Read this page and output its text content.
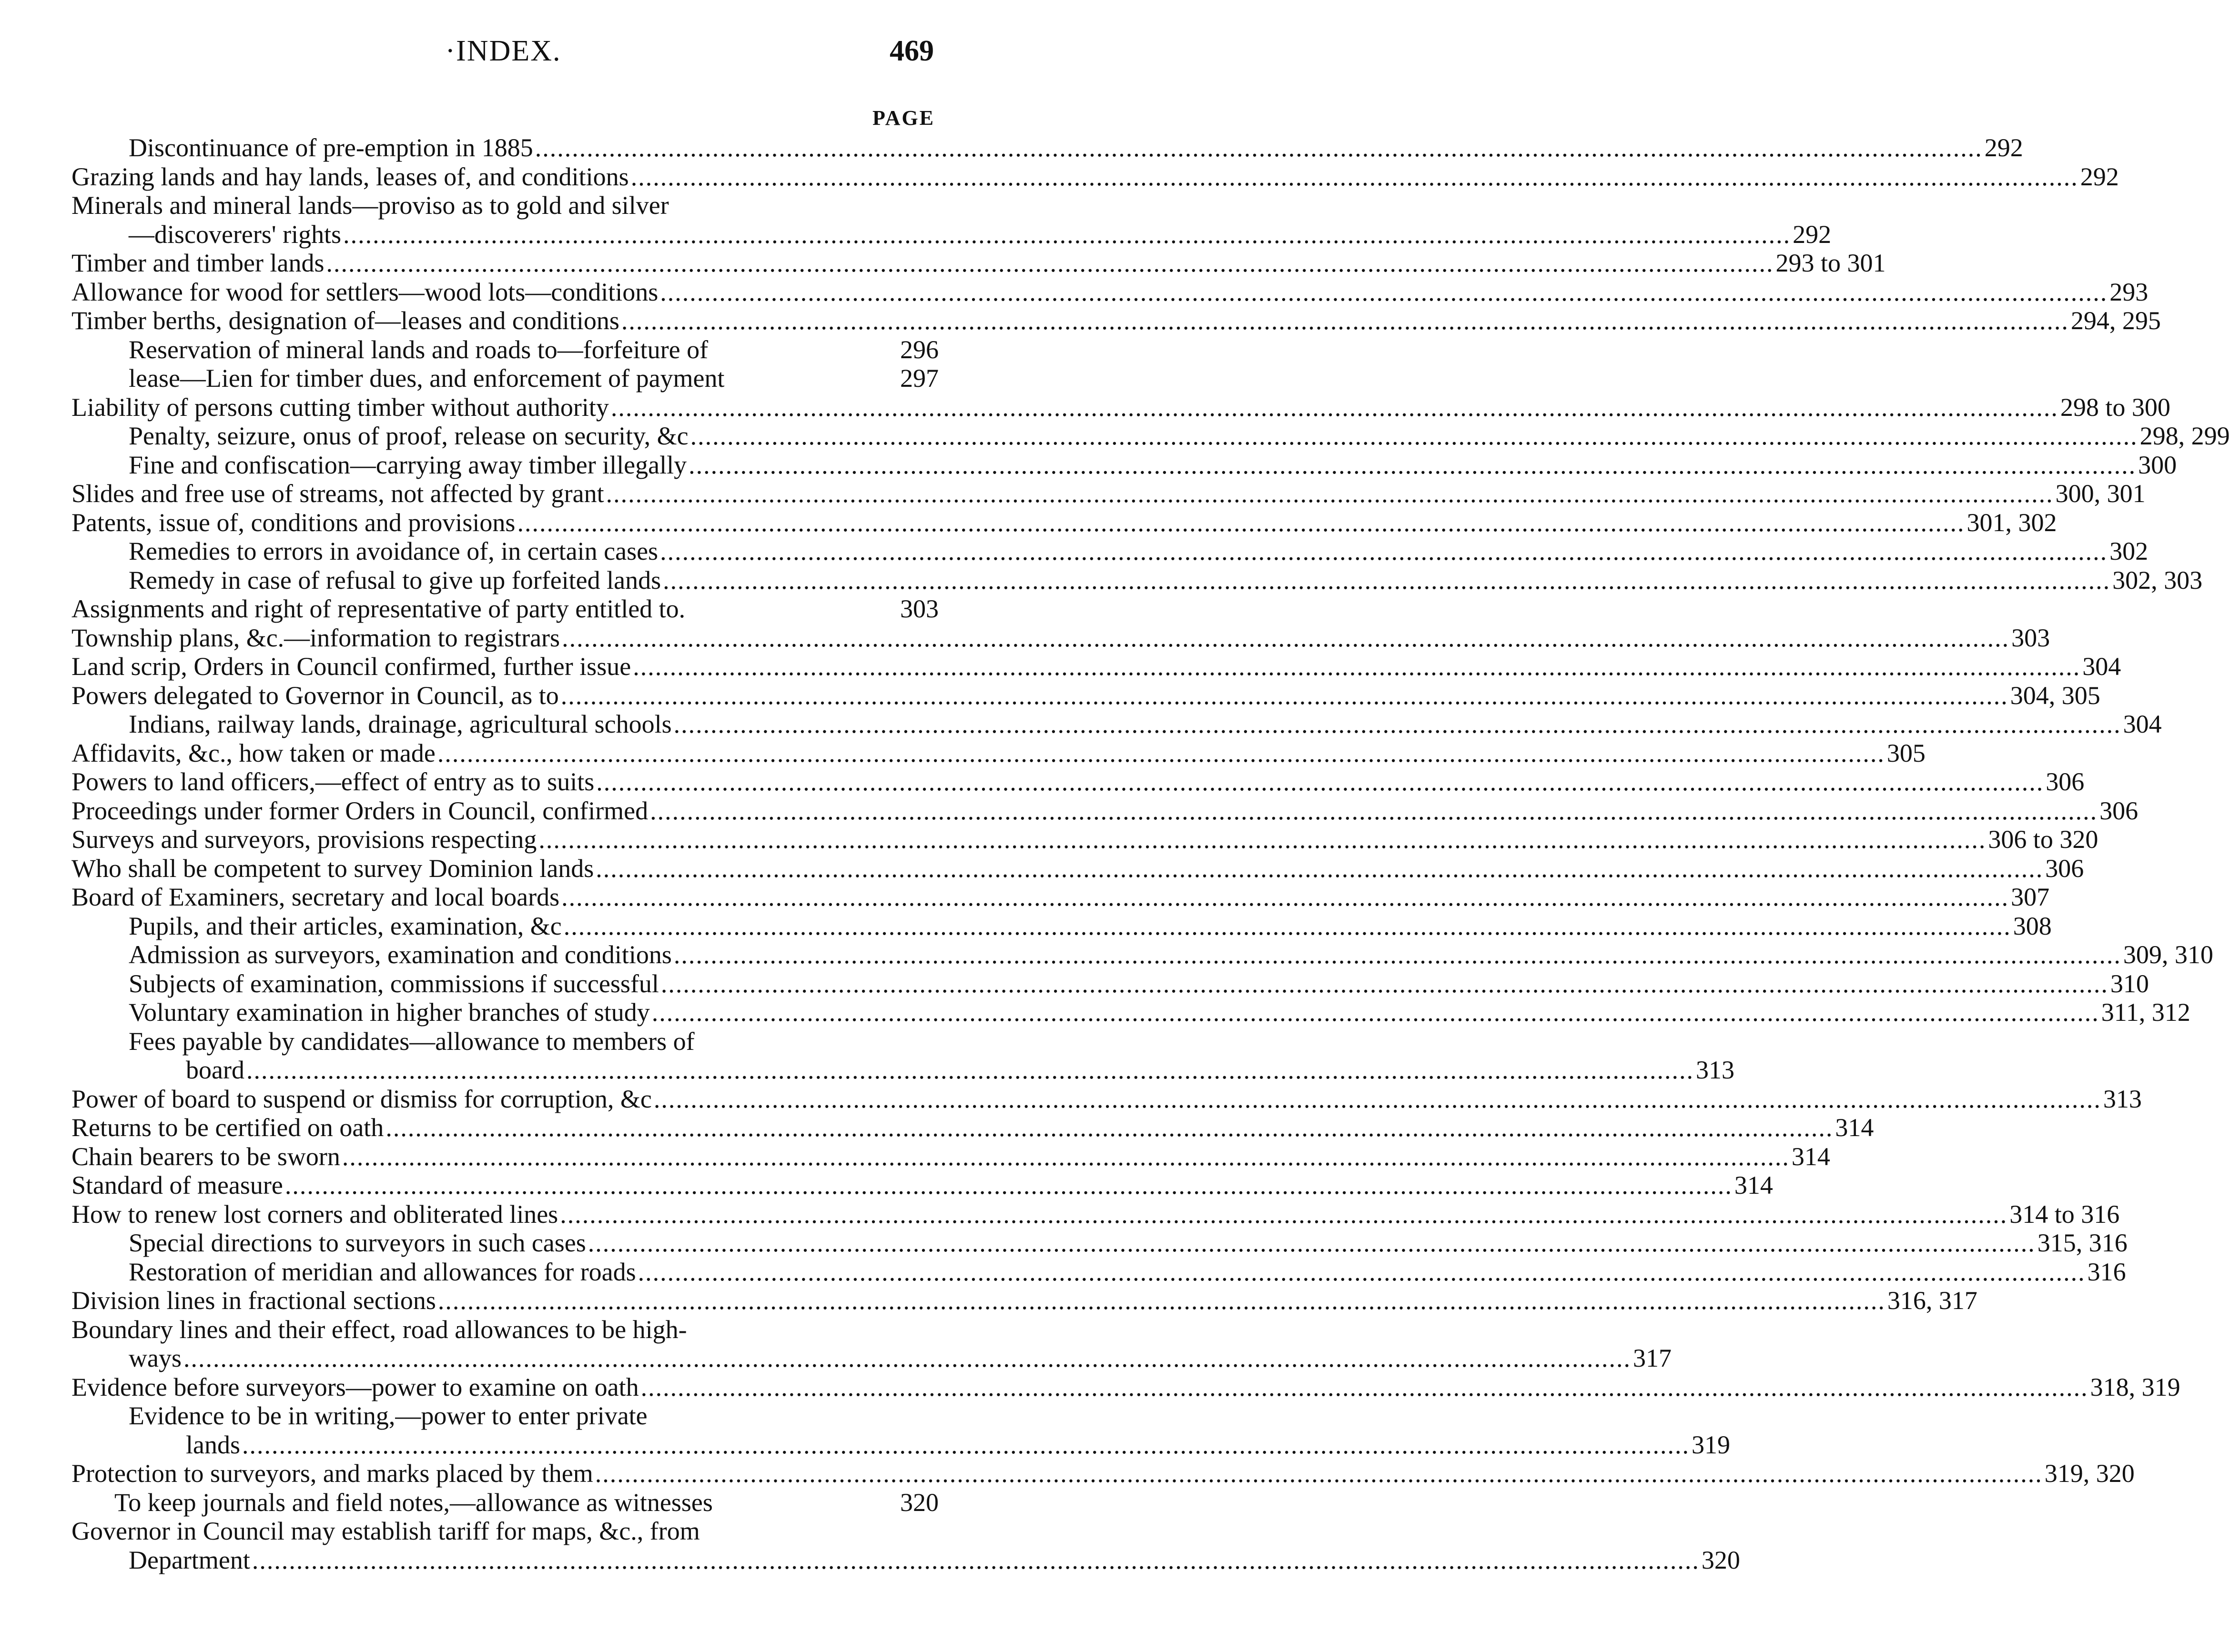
·INDEX.	469
PAGE
Discontinuance of pre-emption in 1885 .....	292
Grazing lands and hay lands, leases of, and conditions .....	292
Minerals and mineral lands—proviso as to gold and silver
—discoverers' rights .....	292
Timber and timber lands .....	293 to 301
Allowance for wood for settlers—wood lots—conditions .....	293
Timber berths, designation of—leases and conditions .....	294, 295
Reservation of mineral lands and roads to—forfeiture of	296
lease—Lien for timber dues, and enforcement of payment	297
Liability of persons cutting timber without authority .....	298 to 300
Penalty, seizure, onus of proof, release on security, &c .....	298, 299
Fine and confiscation—carrying away timber illegally .....	300
Slides and free use of streams, not affected by grant .....	300, 301
Patents, issue of, conditions and provisions .....	301, 302
Remedies to errors in avoidance of, in certain cases .....	302
Remedy in case of refusal to give up forfeited lands .....	302, 303
Assignments and right of representative of party entitled to.	303
Township plans, &c.—information to registrars .....	303
Land scrip, Orders in Council confirmed, further issue .....	304
Powers delegated to Governor in Council, as to .....	304, 305
Indians, railway lands, drainage, agricultural schools .....	304
Affidavits, &c., how taken or made .....	305
Powers to land officers,—effect of entry as to suits .....	306
Proceedings under former Orders in Council, confirmed .....	306
Surveys and surveyors, provisions respecting .....	306 to 320
Who shall be competent to survey Dominion lands .....	306
Board of Examiners, secretary and local boards .....	307
Pupils, and their articles, examination, &c .....	308
Admission as surveyors, examination and conditions .....	309, 310
Subjects of examination, commissions if successful .....	310
Voluntary examination in higher branches of study .....	311, 312
Fees payable by candidates—allowance to members of
board .....	313
Power of board to suspend or dismiss for corruption, &c .....	313
Returns to be certified on oath .....	314
Chain bearers to be sworn .....	314
Standard of measure .....	314
How to renew lost corners and obliterated lines .....	314 to 316
Special directions to surveyors in such cases .....	315, 316
Restoration of meridian and allowances for roads .....	316
Division lines in fractional sections .....	316, 317
Boundary lines and their effect, road allowances to be high-
ways .....	317
Evidence before surveyors—power to examine on oath .....	318, 319
Evidence to be in writing,—power to enter private
lands .....	319
Protection to surveyors, and marks placed by them .....	319, 320
To keep journals and field notes,—allowance as witnesses	320
Governor in Council may establish tariff for maps, &c., from
Department .....	320
